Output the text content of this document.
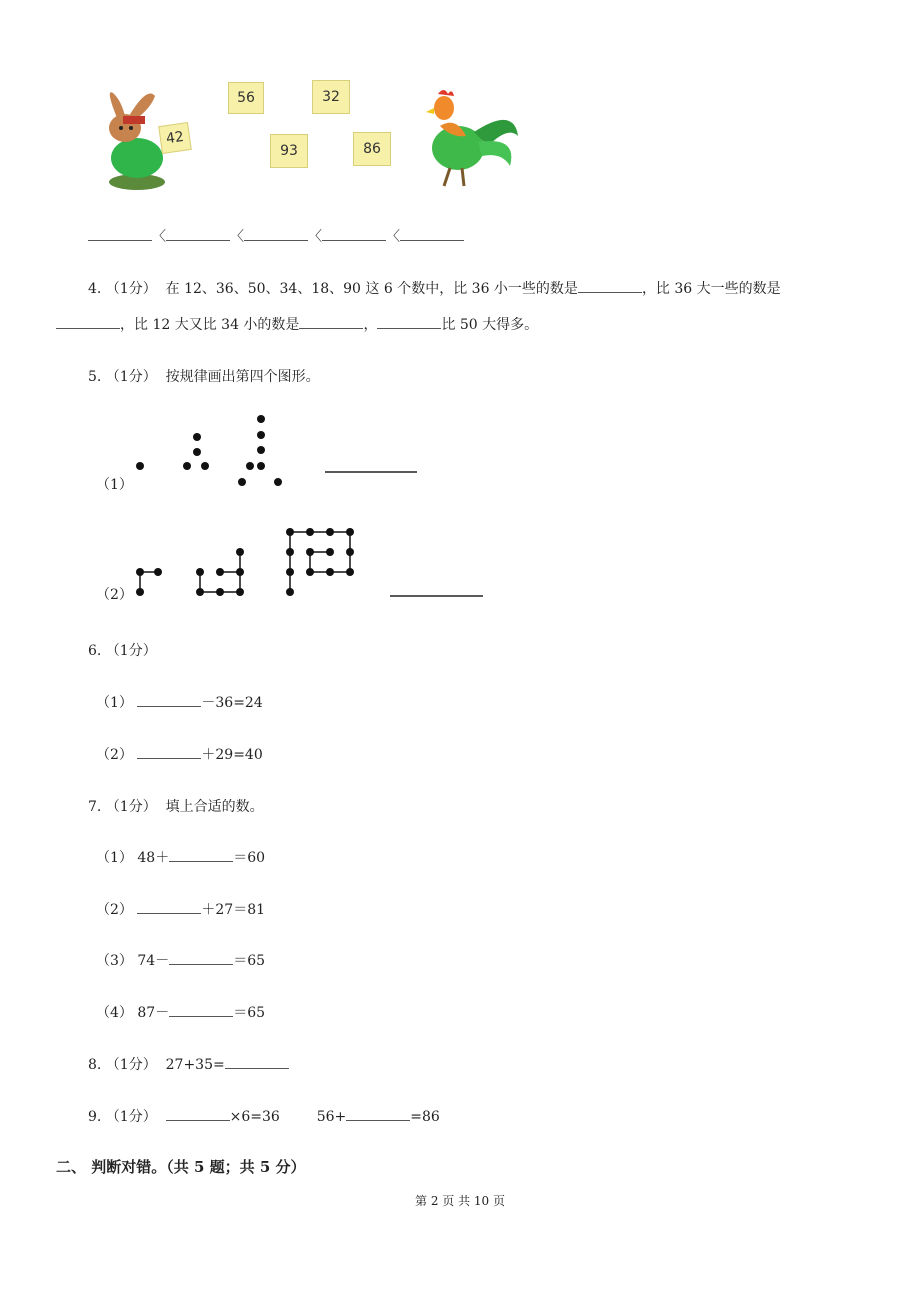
42
56	32
93	86
〈	〈	〈	〈
4. （1分） 在 12、36、50、34、18、90 这 6 个数中，比 36 小一些的数是	，比 36 大一些的数是
，比 12 大又比 34 小的数是	，	比 50 大得多。
5. （1分） 按规律画出第四个图形。
（1）
（2）
6. （1分）
（1）	－36=24
（2）	＋29=40
7. （1分） 填上合适的数。
（1） 48＋	＝60
（2）	＋27＝81
（3） 74－	＝65
（4） 87－	＝65
8. （1分） 27+35=
9. （1分）	×6=36	56+	=86
二、 判断对错。（共 5 题；共 5 分）
第 2 页 共 10 页
